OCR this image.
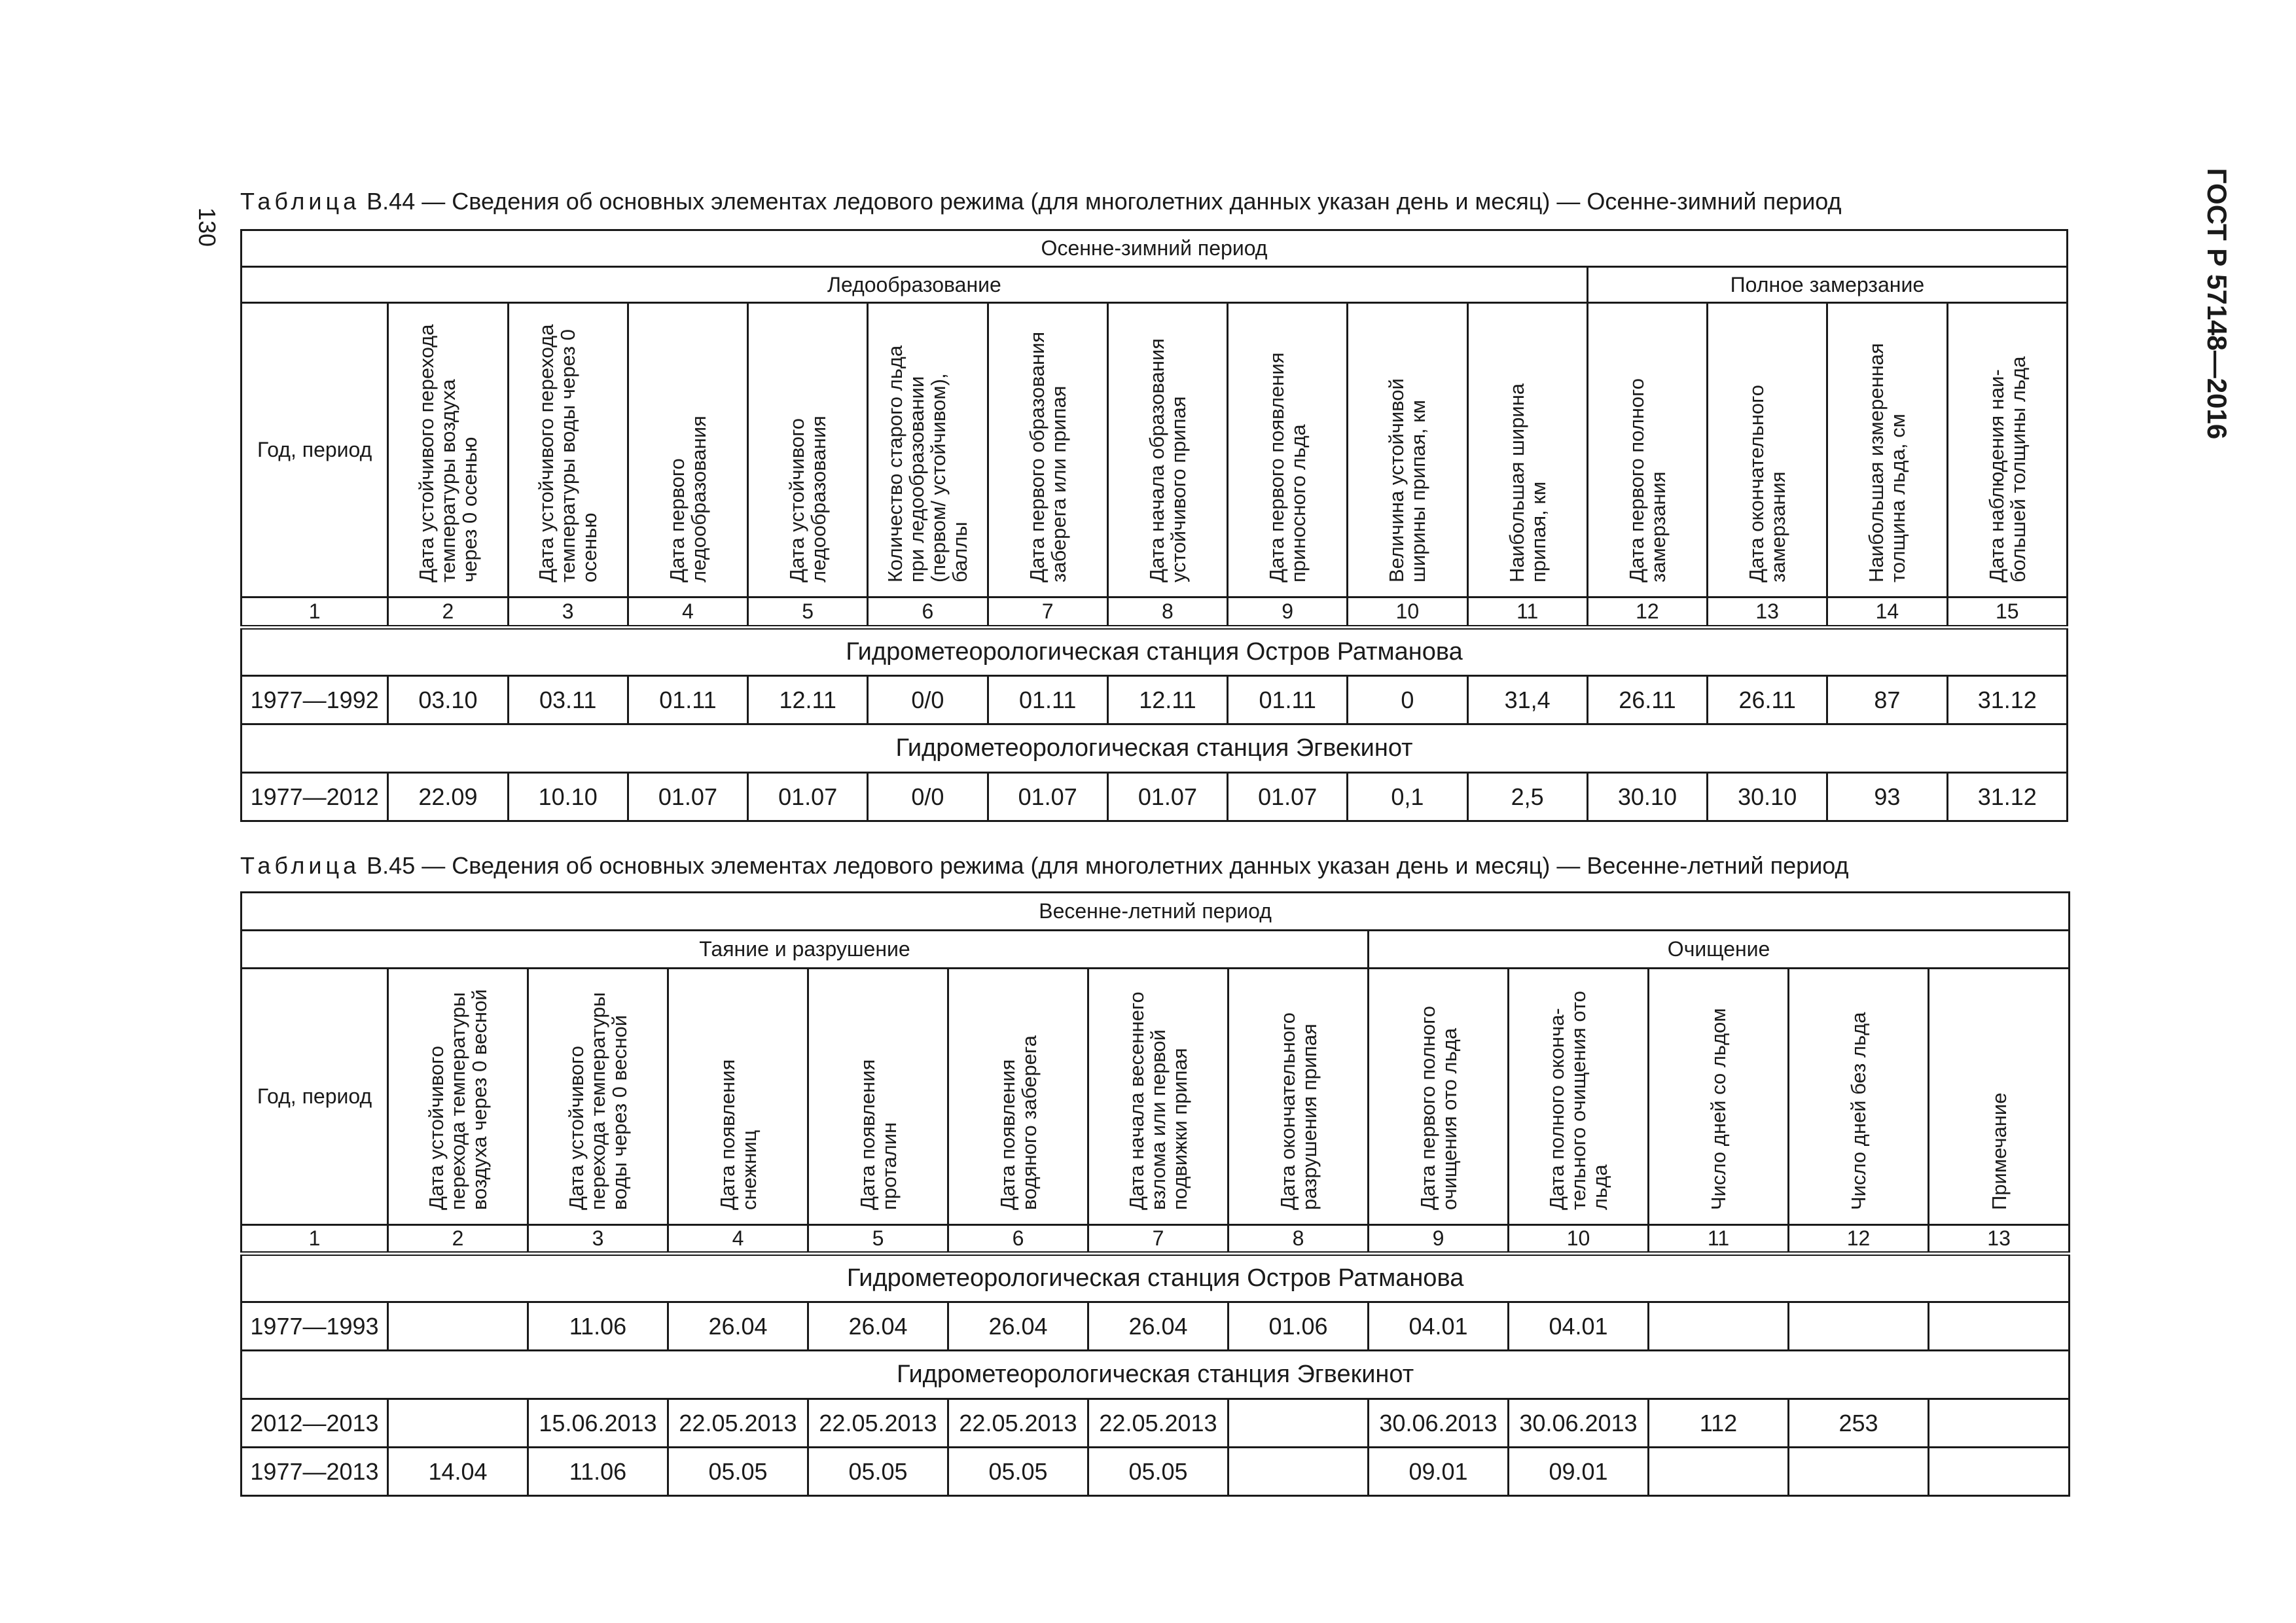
130	ГОСТ Р 57148—2016
Таблица В.44 — Сведения об основных элементах ледового режима (для многолетних данных указан день и месяц) — Осенне-зимний период
Осенне-зимний период														
Ледообразование											Полное замерзание			
Год, период	Дата устойчивого перехода температуры воздуха через 0 осенью	Дата устойчивого перехода температуры воды через 0 осенью	Дата первого ледообразования	Дата устойчивого ледообразования	Количество старого льда при ледообразовании (первом/ устойчивом), баллы	Дата первого образования заберега или припая	Дата начала образования устойчивого припая	Дата первого появления приносного льда	Величина устойчивой ширины припая, км	Наибольшая ширина припая, км	Дата первого полного замерзания	Дата окончательного замерзания	Наибольшая измеренная толщина льда, см	Дата наблюдения наи- большей толщины льда
1	2	3	4	5	6	7	8	9	10	11	12	13	14	15
Гидрометеорологическая станция Остров Ратманова														
1977—1992	03.10	03.11	01.11	12.11	0/0	01.11	12.11	01.11	0	31,4	26.11	26.11	87	31.12
Гидрометеорологическая станция Эгвекинот														
1977—2012	22.09	10.10	01.07	01.07	0/0	01.07	01.07	01.07	0,1	2,5	30.10	30.10	93	31.12
Таблица В.45 — Сведения об основных элементах ледового режима (для многолетних данных указан день и месяц) — Весенне-летний период
Весенне-летний период												
Таяние и разрушение								Очищение				
Год, период	Дата устойчивого перехода температуры воздуха через 0 весной	Дата устойчивого перехода температуры воды через 0 весной	Дата появления снежниц	Дата появления проталин	Дата появления водяного заберега	Дата начала весеннего взлома или первой подвижки припая	Дата окончательного разрушения припая	Дата первого полного очищения ото льда	Дата полного оконча- тельного очищения ото льда	Число дней со льдом	Число дней без льда	Примечание
1	2	3	4	5	6	7	8	9	10	11	12	13
Гидрометеорологическая станция Остров Ратманова												
1977—1993		11.06	26.04	26.04	26.04	26.04	01.06	04.01	04.01			
Гидрометеорологическая станция Эгвекинот												
2012—2013		15.06.2013	22.05.2013	22.05.2013	22.05.2013	22.05.2013		30.06.2013	30.06.2013	112	253	
1977—2013	14.04	11.06	05.05	05.05	05.05	05.05		09.01	09.01			
